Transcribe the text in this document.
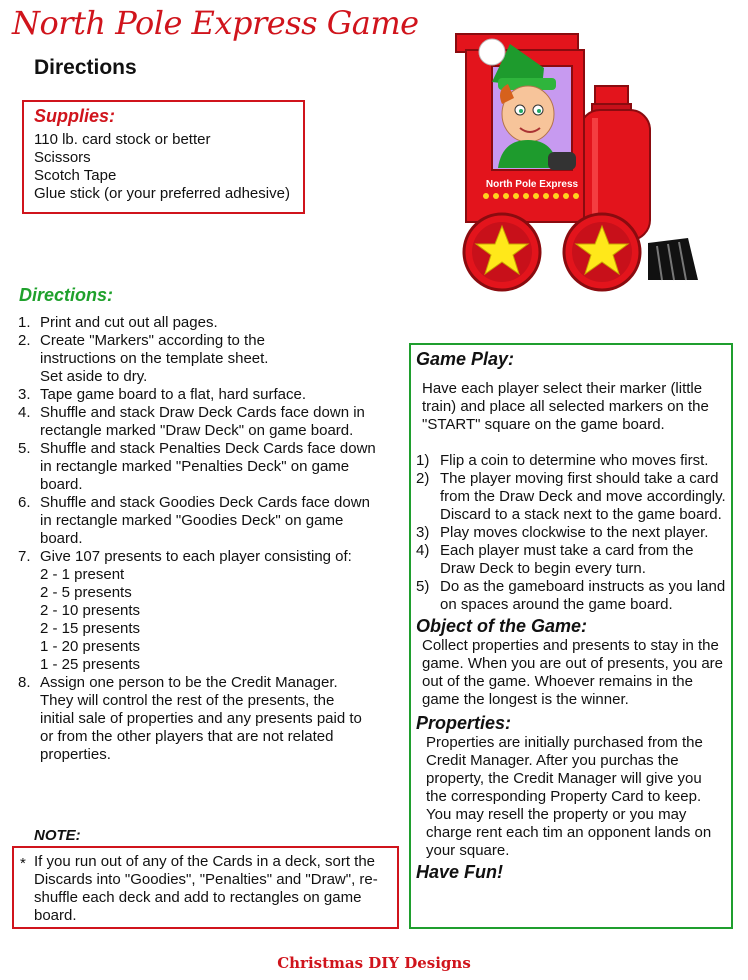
North Pole Express Game
Directions
Supplies:
110 lb. card stock or better
Scissors
Scotch Tape
Glue stick (or your preferred adhesive)
North Pole Express
Directions:
1. Print and cut out all pages.
2. Create "Markers" according to the instructions on the template sheet.
Set aside to dry.
3. Tape game board to a flat, hard surface.
4. Shuffle and stack Draw Deck Cards face down in rectangle marked "Draw Deck" on game board.
5. Shuffle and stack Penalties Deck Cards face down in rectangle marked "Penalties Deck" on game board.
6. Shuffle and stack Goodies Deck Cards face down in rectangle marked "Goodies Deck" on game board.
7. Give 107 presents to each player consisting of:
2 - 1 present
2 - 5 presents
2 - 10 presents
2 - 15 presents
1 - 20 presents
1 - 25 presents
8. Assign one person to be the Credit Manager. They will control the rest of the presents, the initial sale of properties and any presents paid to or from the other players that are not related properties.
NOTE:
* If you run out of any of the Cards in a deck, sort the Discards into "Goodies", "Penalties" and "Draw", re-shuffle each deck and add to rectangles on game board.
Game Play:

Have each player select their marker (little train) and place all selected markers on the "START" square on the game board.

1) Flip a coin to determine who moves first.
2) The player moving first should take a card from the Draw Deck and move accordingly. Discard to a stack next to the game board.
3) Play moves clockwise to the next player.
4) Each player must take a card from the Draw Deck to begin every turn.
5) Do as the gameboard instructs as you land on spaces around the game board.
Object of the Game:

Collect properties and presents to stay in the game. When you are out of presents, you are out of the game. Whoever remains in the game the longest is the winner.

Properties:

Properties are initially purchased from the Credit Manager. After you purchas the property, the Credit Manager will give you the corresponding Property Card to keep. You may resell the property or you may charge rent each tim an opponent lands on your square.

Have Fun!
Christmas DIY Designs
